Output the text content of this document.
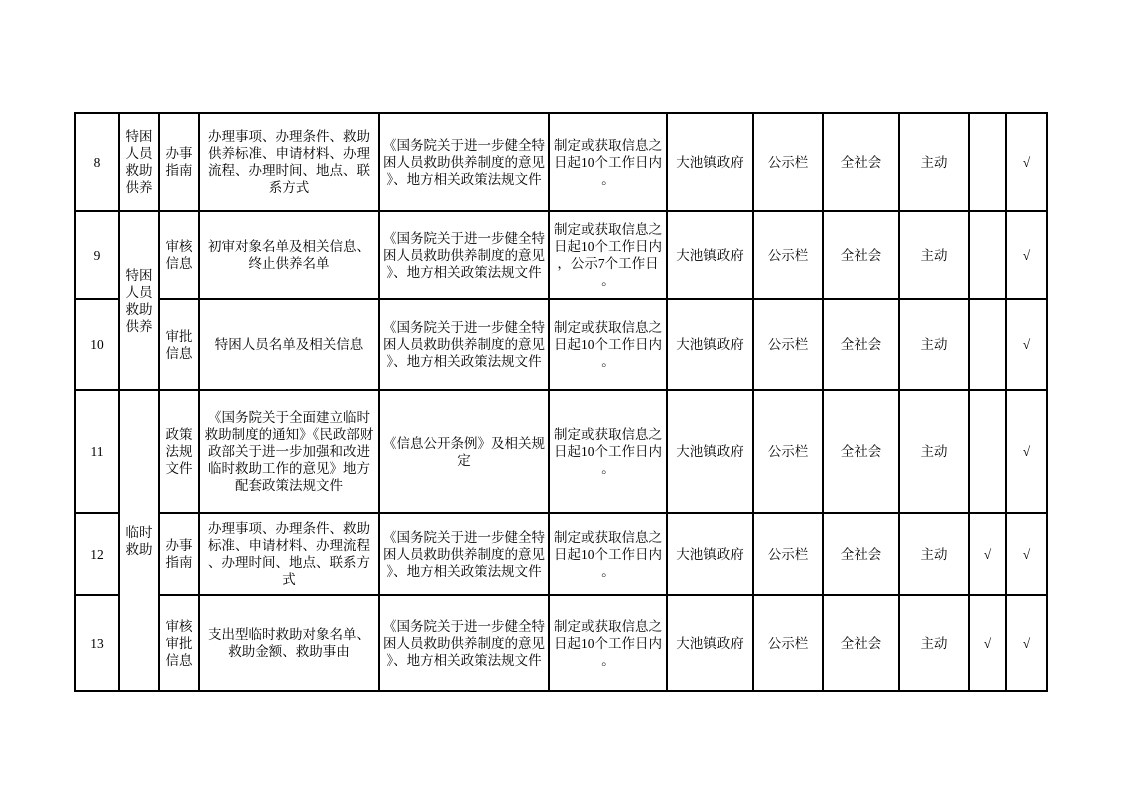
8	特困人员救助供养	办事指南	办理事项、办理条件、救助供养标准、申请材料、办理流程、办理时间、地点、联系方式	《国务院关于进一步健全特困人员救助供养制度的意见》、地方相关政策法规文件	制定或获取信息之日起10个工作日内。	大池镇政府	公示栏	全社会	主动		√
9	特困人员救助供养	审核信息	初审对象名单及相关信息、终止供养名单	《国务院关于进一步健全特困人员救助供养制度的意见》、地方相关政策法规文件	制定或获取信息之日起10个工作日内，公示7个工作日。	大池镇政府	公示栏	全社会	主动		√
10		审批信息	特困人员名单及相关信息	《国务院关于进一步健全特困人员救助供养制度的意见》、地方相关政策法规文件	制定或获取信息之日起10个工作日内。	大池镇政府	公示栏	全社会	主动		√
11	临时救助	政策法规文件	《国务院关于全面建立临时救助制度的通知》《民政部财政部关于进一步加强和改进临时救助工作的意见》地方配套政策法规文件	《信息公开条例》及相关规定	制定或获取信息之日起10个工作日内。	大池镇政府	公示栏	全社会	主动		√
12		办事指南	办理事项、办理条件、救助标准、申请材料、办理流程、办理时间、地点、联系方式	《国务院关于进一步健全特困人员救助供养制度的意见》、地方相关政策法规文件	制定或获取信息之日起10个工作日内。	大池镇政府	公示栏	全社会	主动	√	√
13		审核审批信息	支出型临时救助对象名单、救助金额、救助事由	《国务院关于进一步健全特困人员救助供养制度的意见》、地方相关政策法规文件	制定或获取信息之日起10个工作日内。	大池镇政府	公示栏	全社会	主动	√	√
